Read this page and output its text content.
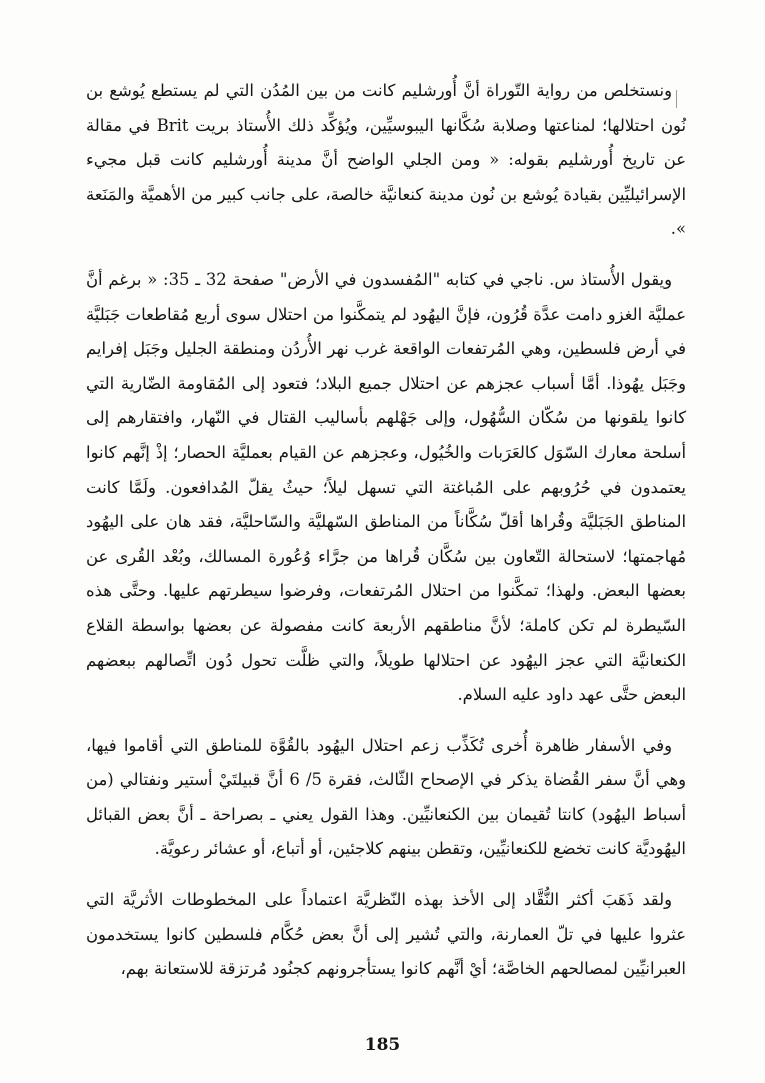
ونستخلص من رواية التّوراة أنَّ أُورشليم كانت من بين المُدُن التي لم يستطع يُوشع بن نُون احتلالها؛ لمناعتها وصلابة سُكَّانها اليبوسيِّين، ويُؤكِّد ذلك الأُستاذ بريت Brit في مقالة عن تاريخ أُورشليم بقوله: « ومن الجلي الواضح أنَّ مدينة أُورشليم كانت قبل مجيء الإسرائيليِّين بقيادة يُوشع بن نُون مدينة كنعانيَّة خالصة، على جانب كبير من الأهميَّة والمَنَعة ».

ويقول الأُستاذ س. ناجي في كتابه "المُفسدون في الأرض" صفحة 32 ـ 35: « برغم أنَّ عمليَّة الغزو دامت عدَّة قُرُون، فإنَّ اليهُود لم يتمكَّنوا من احتلال سوى أربع مُقاطعات جَبَليَّة في أرض فلسطين، وهي المُرتفعات الواقعة غرب نهر الأُردُن ومنطقة الجليل وجَبَل إفرايم وجَبَل يهُوذا. أمَّا أسباب عجزهم عن احتلال جميع البلاد؛ فتعود إلى المُقاومة الضّارية التي كانوا يلقونها من سُكّان السُّهُول، وإلى جَهْلهم بأساليب القتال في النّهار، وافتقارهم إلى أسلحة معارك السّوَل كالعَرَبات والخُيُول، وعجزهم عن القيام بعمليَّة الحصار؛ إذْ إنَّهم كانوا يعتمدون في حُرُوبهم على المُباغتة التي تسهل ليلاً؛ حيثُ يقلّ المُدافعون. ولَمَّا كانت المناطق الجَبَليَّة وقُراها أقلّ سُكَّاناً من المناطق السّهليَّة والسّاحليَّة، فقد هان على اليهُود مُهاجمتها؛ لاستحالة التّعاون بين سُكَّان قُراها من جرَّاء وُعُورة المسالك، وبُعْد القُرى عن بعضها البعض. ولهذا؛ تمكَّنوا من احتلال المُرتفعات، وفرضوا سيطرتهم عليها. وحتَّى هذه السّيطرة لم تكن كاملة؛ لأنَّ مناطقهم الأربعة كانت مفصولة عن بعضها بواسطة القلاع الكنعانيَّة التي عجز اليهُود عن احتلالها طويلاً، والتي ظلَّت تحول دُون اتِّصالهم ببعضهم البعض حتَّى عهد داود عليه السلام.

وفي الأسفار ظاهرة أُخرى تُكَذِّب زعم احتلال اليهُود بالقُوَّة للمناطق التي أقاموا فيها، وهي أنَّ سفر القُضاة يذكر في الإصحاح الثّالث، فقرة 5/ 6 أنَّ قبيلتَيْ أستير ونفتالي (من أسباط اليهُود) كانتا تُقيمان بين الكنعانيِّين. وهذا القول يعني ـ بصراحة ـ أنَّ بعض القبائل اليهُوديَّة كانت تخضع للكنعانيِّين، وتقطن بينهم كلاجئين، أو أتباع، أو عشائر رعويَّة.

ولقد ذَهَبَ أكثر النُّقَّاد إلى الأخذ بهذه النّظريَّة اعتماداً على المخطوطات الأثريَّة التي عثروا عليها في تلّ العمارنة، والتي تُشير إلى أنَّ بعض حُكَّام فلسطين كانوا يستخدمون العبرانيِّين لمصالحهم الخاصَّة؛ أيْ أنَّهم كانوا يستأجرونهم كجنُود مُرتزقة للاستعانة بهم،

185
